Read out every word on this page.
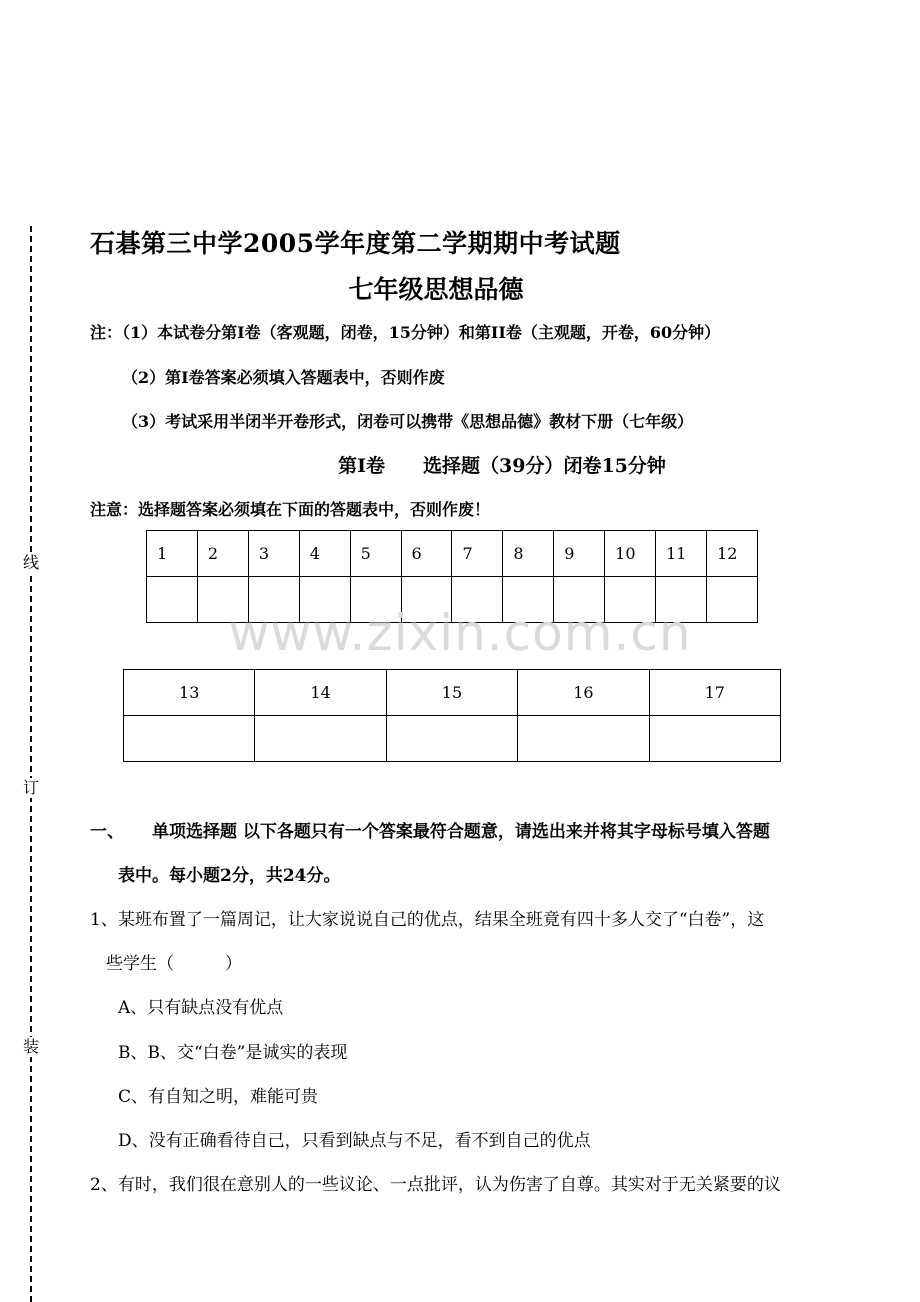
线
订
装
石碁第三中学2005学年度第二学期期中考试题
七年级思想品德
注：（1）本试卷分第I卷（客观题，闭卷，15分钟）和第II卷（主观题，开卷，60分钟）
（2）第I卷答案必须填入答题表中，否则作废
（3）考试采用半闭半开卷形式，闭卷可以携带《思想品德》教材下册（七年级）
第I卷　　选择题（39分）闭卷15分钟
注意：选择题答案必须填在下面的答题表中，否则作废！
1	2	3	4	5	6	7	8	9	10	11	12

www.zixin.com.cn
13	14	15	16	17

一、 单项选择题 以下各题只有一个答案最符合题意，请选出来并将其字母标号填入答题
表中。每小题2分，共24分。
1、某班布置了一篇周记，让大家说说自己的优点，结果全班竟有四十多人交了“白卷”，这
些学生（　　　）
A、只有缺点没有优点
B、B、交“白卷”是诚实的表现
C、有自知之明，难能可贵
D、没有正确看待自己，只看到缺点与不足，看不到自己的优点
2、有时，我们很在意别人的一些议论、一点批评，认为伤害了自尊。其实对于无关紧要的议
